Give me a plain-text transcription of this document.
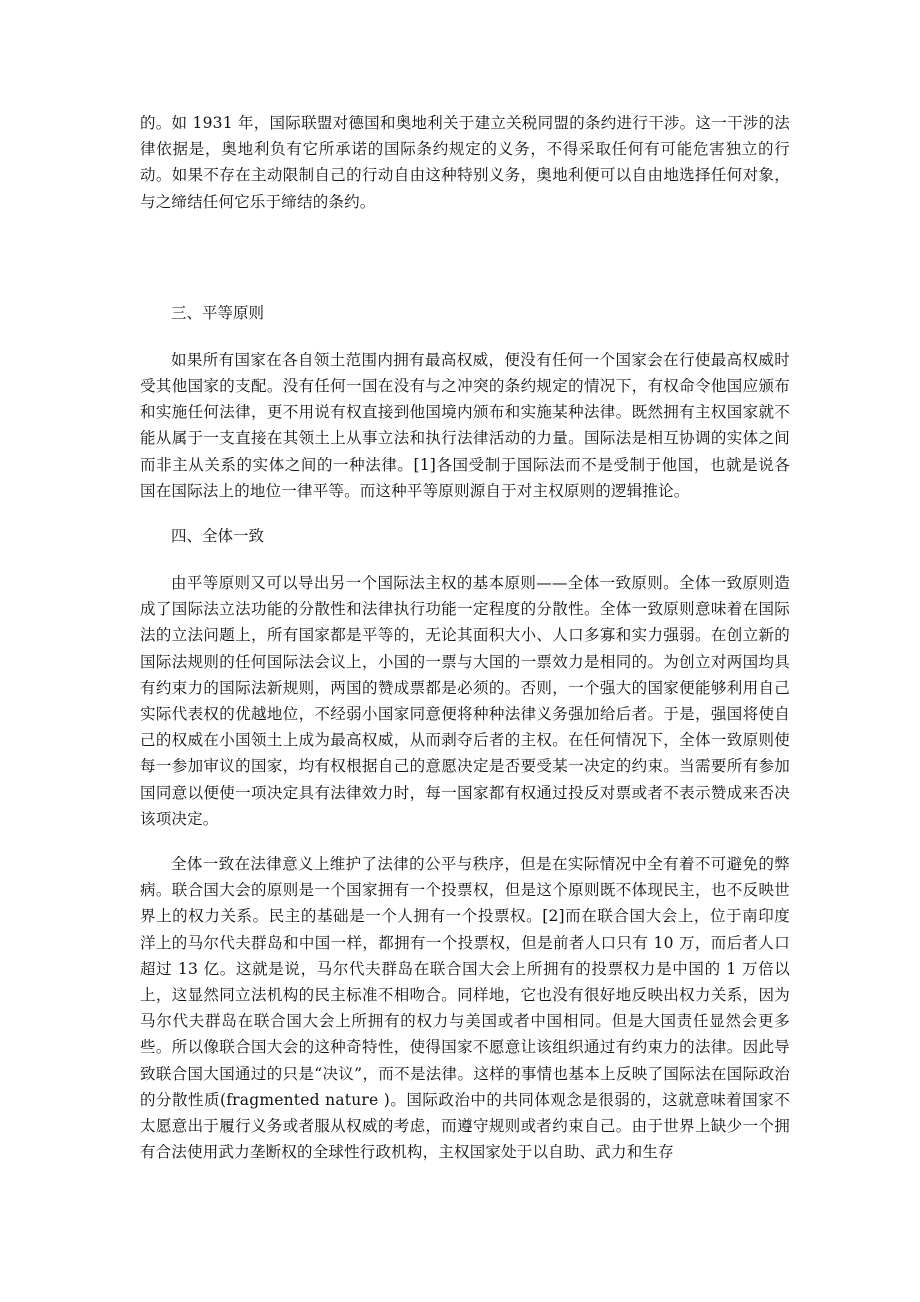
的。如 1931 年，国际联盟对德国和奥地利关于建立关税同盟的条约进行干涉。这一干涉的法律依据是，奥地利负有它所承诺的国际条约规定的义务，不得采取任何有可能危害独立的行动。如果不存在主动限制自己的行动自由这种特别义务，奥地利便可以自由地选择任何对象，与之缔结任何它乐于缔结的条约。

三、平等原则

如果所有国家在各自领土范围内拥有最高权威，便没有任何一个国家会在行使最高权威时受其他国家的支配。没有任何一国在没有与之冲突的条约规定的情况下，有权命令他国应颁布和实施任何法律，更不用说有权直接到他国境内颁布和实施某种法律。既然拥有主权国家就不能从属于一支直接在其领土上从事立法和执行法律活动的力量。国际法是相互协调的实体之间而非主从关系的实体之间的一种法律。[1]各国受制于国际法而不是受制于他国，也就是说各国在国际法上的地位一律平等。而这种平等原则源自于对主权原则的逻辑推论。

四、全体一致

由平等原则又可以导出另一个国际法主权的基本原则——全体一致原则。全体一致原则造成了国际法立法功能的分散性和法律执行功能一定程度的分散性。全体一致原则意味着在国际法的立法问题上，所有国家都是平等的，无论其面积大小、人口多寡和实力强弱。在创立新的国际法规则的任何国际法会议上，小国的一票与大国的一票效力是相同的。为创立对两国均具有约束力的国际法新规则，两国的赞成票都是必须的。否则，一个强大的国家便能够利用自己实际代表权的优越地位，不经弱小国家同意便将种种法律义务强加给后者。于是，强国将使自己的权威在小国领土上成为最高权威，从而剥夺后者的主权。在任何情况下，全体一致原则使每一参加审议的国家，均有权根据自己的意愿决定是否要受某一决定的约束。当需要所有参加国同意以便使一项决定具有法律效力时，每一国家都有权通过投反对票或者不表示赞成来否决该项决定。

全体一致在法律意义上维护了法律的公平与秩序，但是在实际情况中全有着不可避免的弊病。联合国大会的原则是一个国家拥有一个投票权，但是这个原则既不体现民主，也不反映世界上的权力关系。民主的基础是一个人拥有一个投票权。[2]而在联合国大会上，位于南印度洋上的马尔代夫群岛和中国一样，都拥有一个投票权，但是前者人口只有 10 万，而后者人口超过 13 亿。这就是说，马尔代夫群岛在联合国大会上所拥有的投票权力是中国的 1 万倍以上，这显然同立法机构的民主标准不相吻合。同样地，它也没有很好地反映出权力关系，因为马尔代夫群岛在联合国大会上所拥有的权力与美国或者中国相同。但是大国责任显然会更多些。所以像联合国大会的这种奇特性，使得国家不愿意让该组织通过有约束力的法律。因此导致联合国大国通过的只是“决议”，而不是法律。这样的事情也基本上反映了国际法在国际政治的分散性质(fragmented nature )。国际政治中的共同体观念是很弱的，这就意味着国家不太愿意出于履行义务或者服从权威的考虑，而遵守规则或者约束自己。由于世界上缺少一个拥有合法使用武力垄断权的全球性行政机构，主权国家处于以自助、武力和生存
